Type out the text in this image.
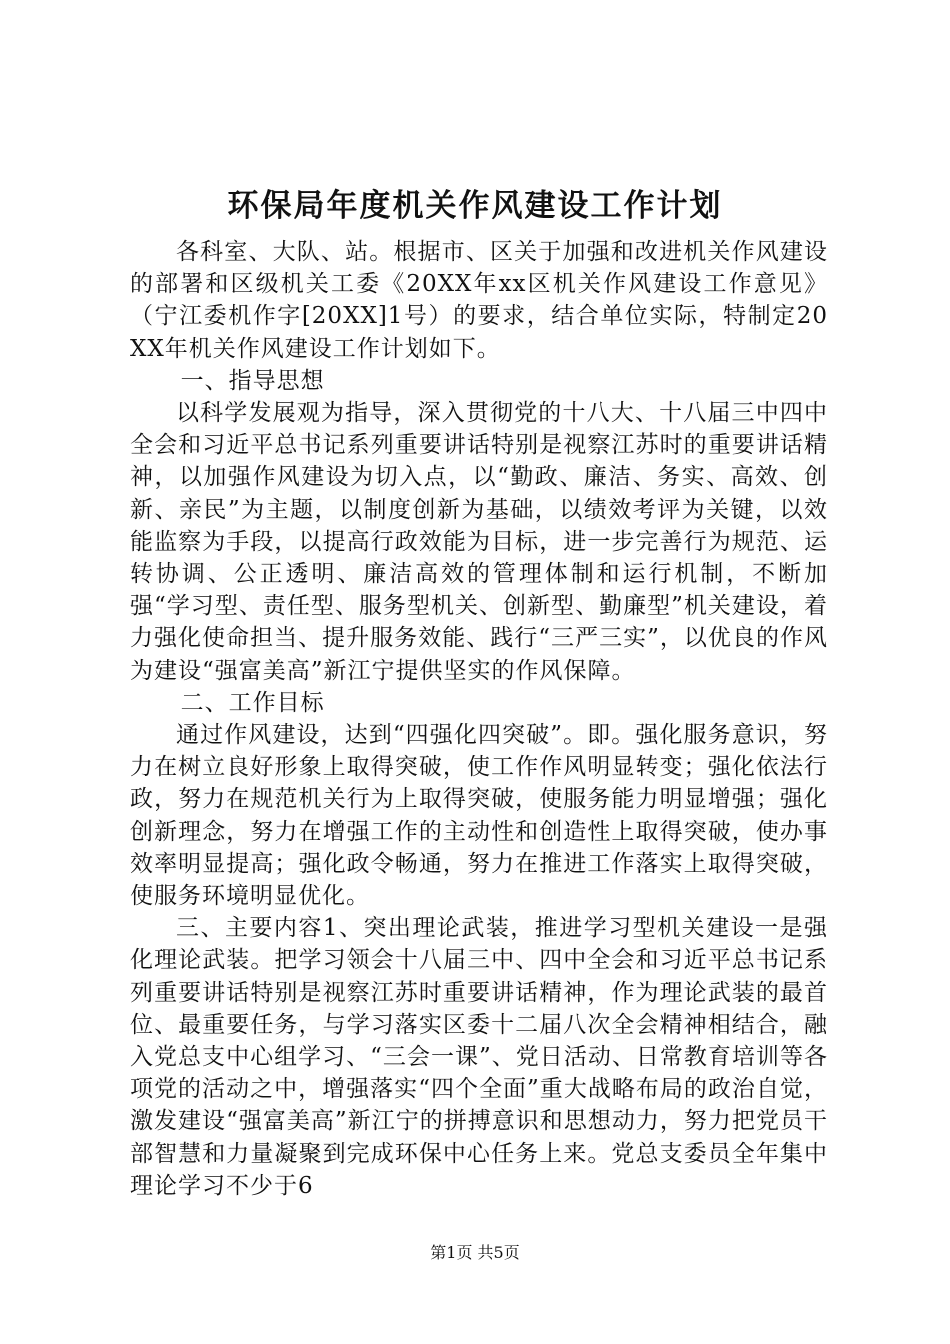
环保局年度机关作风建设工作计划

各科室、大队、站。根据市、区关于加强和改进机关作风建设的部署和区级机关工委《20XX年xx区机关作风建设工作意见》（宁江委机作字[20XX]1号）的要求，结合单位实际，特制定20XX年机关作风建设工作计划如下。

一、指导思想

以科学发展观为指导，深入贯彻党的十八大、十八届三中四中全会和习近平总书记系列重要讲话特别是视察江苏时的重要讲话精神，以加强作风建设为切入点，以“勤政、廉洁、务实、高效、创新、亲民”为主题，以制度创新为基础，以绩效考评为关键，以效能监察为手段，以提高行政效能为目标，进一步完善行为规范、运转协调、公正透明、廉洁高效的管理体制和运行机制，不断加强“学习型、责任型、服务型机关、创新型、勤廉型”机关建设，着力强化使命担当、提升服务效能、践行“三严三实”，以优良的作风为建设“强富美高”新江宁提供坚实的作风保障。

二、工作目标

通过作风建设，达到“四强化四突破”。即。强化服务意识，努力在树立良好形象上取得突破，使工作作风明显转变；强化依法行政，努力在规范机关行为上取得突破，使服务能力明显增强；强化创新理念，努力在增强工作的主动性和创造性上取得突破，使办事效率明显提高；强化政令畅通，努力在推进工作落实上取得突破，使服务环境明显优化。

三、主要内容1、突出理论武装，推进学习型机关建设一是强化理论武装。把学习领会十八届三中、四中全会和习近平总书记系列重要讲话特别是视察江苏时重要讲话精神，作为理论武装的最首位、最重要任务，与学习落实区委十二届八次全会精神相结合，融入党总支中心组学习、“三会一课”、党日活动、日常教育培训等各项党的活动之中，增强落实“四个全面”重大战略布局的政治自觉，激发建设“强富美高”新江宁的拼搏意识和思想动力，努力把党员干部智慧和力量凝聚到完成环保中心任务上来。党总支委员全年集中理论学习不少于6

第1页 共5页
